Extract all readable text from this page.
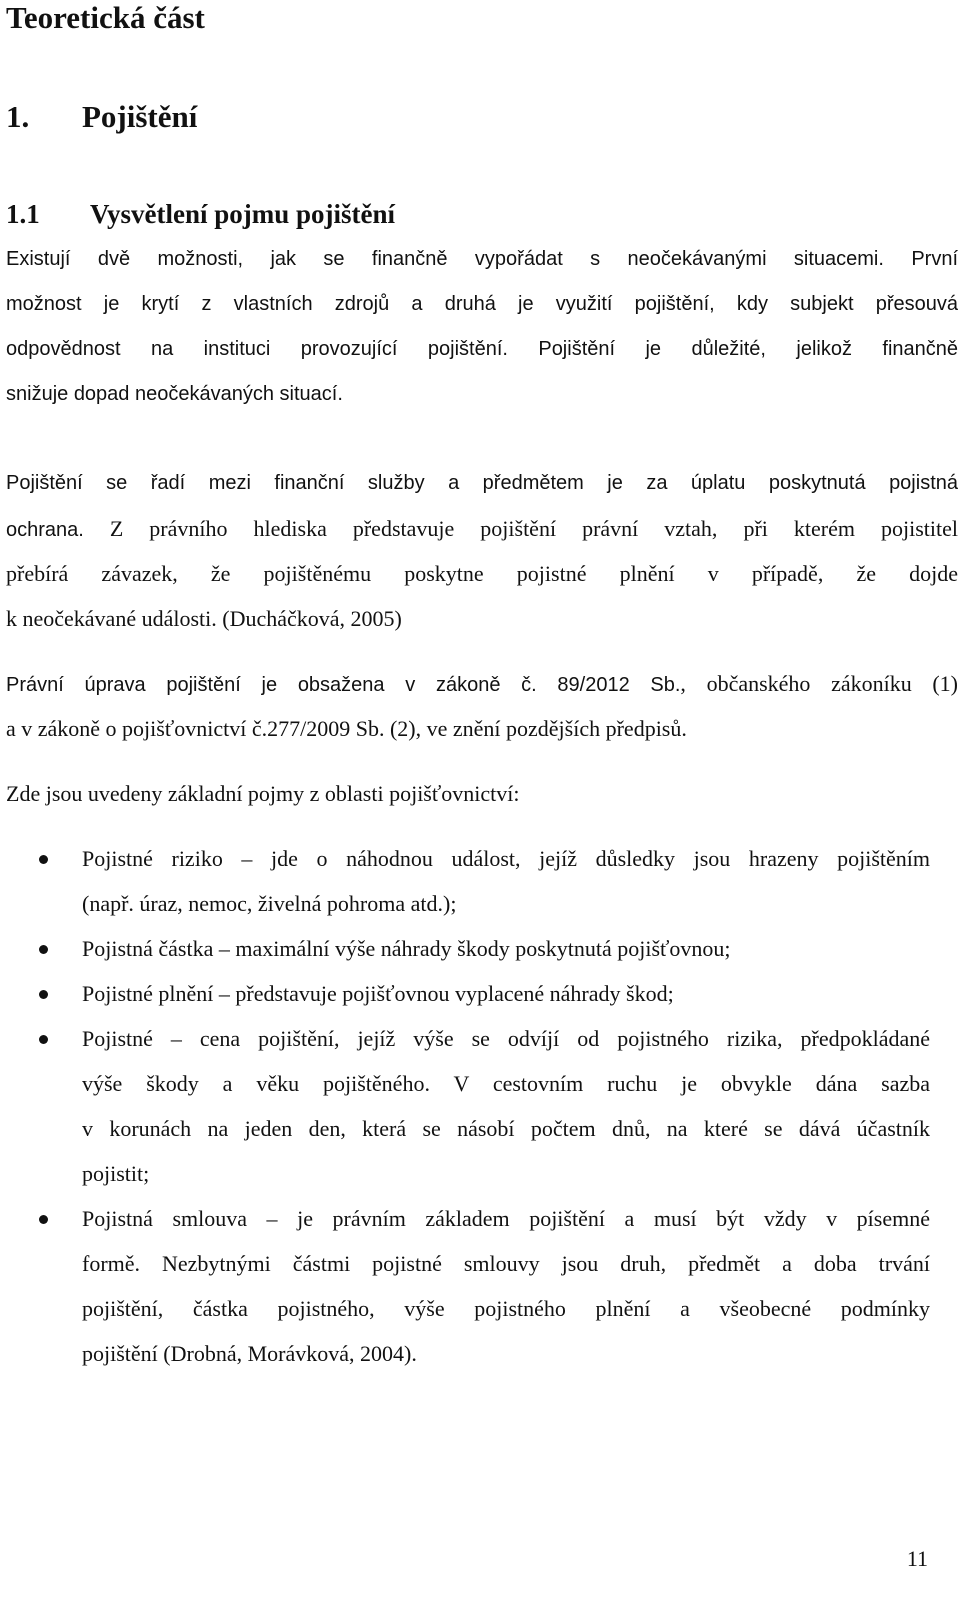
Teoretická část
1. Pojištění
1.1 Vysvětlení pojmu pojištění
Existují dvě možnosti, jak se finančně vypořádat s neočekávanými situacemi. První
možnost je krytí z vlastních zdrojů a druhá je využití pojištění, kdy subjekt přesouvá
odpovědnost na instituci provozující pojištění. Pojištění je důležité, jelikož finančně
snižuje dopad neočekávaných situací.
Pojištění se řadí mezi finanční služby a předmětem je za úplatu poskytnutá pojistná
ochrana. Z právního hlediska představuje pojištění právní vztah, při kterém pojistitel
přebírá závazek, že pojištěnému poskytne pojistné plnění v případě, že dojde
k neočekávané události. (Ducháčková, 2005)
Právní úprava pojištění je obsažena v zákoně č. 89/2012 Sb., občanského zákoníku (1)
a v zákoně o pojišťovnictví č.277/2009 Sb. (2), ve znění pozdějších předpisů.
Zde jsou uvedeny základní pojmy z oblasti pojišťovnictví:
Pojistné riziko – jde o náhodnou událost, jejíž důsledky jsou hrazeny pojištěním
(např. úraz, nemoc, živelná pohroma atd.);
Pojistná částka – maximální výše náhrady škody poskytnutá pojišťovnou;
Pojistné plnění – představuje pojišťovnou vyplacené náhrady škod;
Pojistné – cena pojištění, jejíž výše se odvíjí od pojistného rizika, předpokládané
výše škody a věku pojištěného. V cestovním ruchu je obvykle dána sazba
v korunách na jeden den, která se násobí počtem dnů, na které se dává účastník
pojistit;
Pojistná smlouva – je právním základem pojištění a musí být vždy v písemné
formě. Nezbytnými částmi pojistné smlouvy jsou druh, předmět a doba trvání
pojištění, částka pojistného, výše pojistného plnění a všeobecné podmínky
pojištění (Drobná, Morávková, 2004).
11
